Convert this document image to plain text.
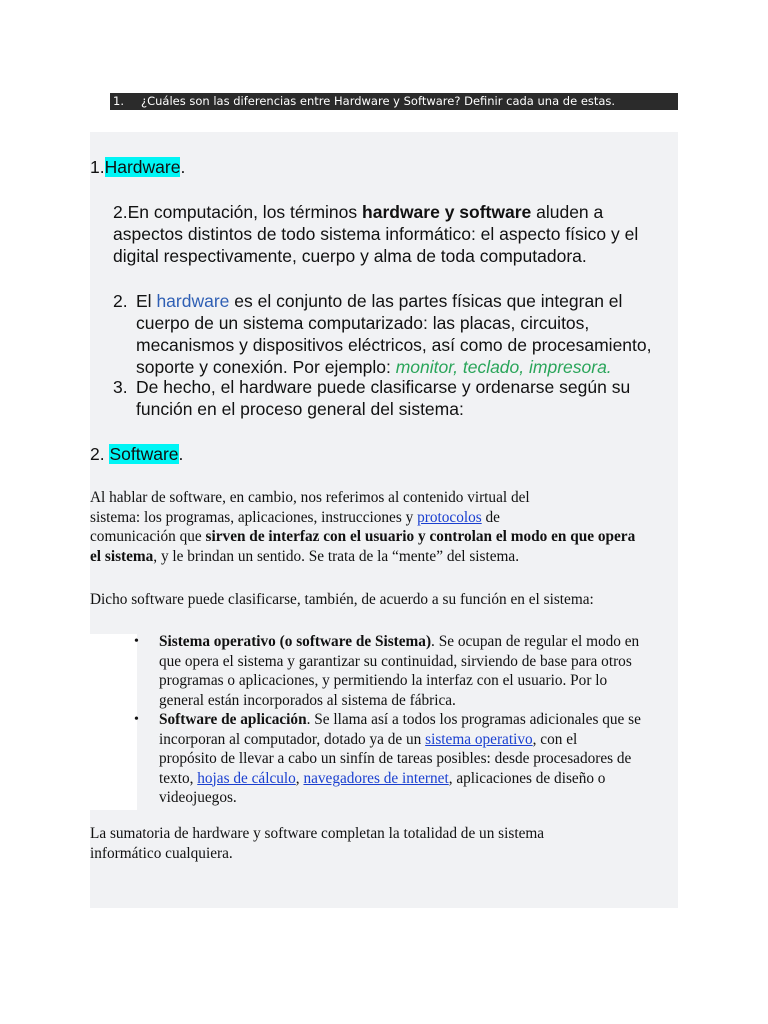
1. ¿Cuáles son las diferencias entre Hardware y Software? Definir cada una de estas.
1.Hardware.
2.En computación, los términos hardware y software aluden a
aspectos distintos de todo sistema informático: el aspecto físico y el
digital respectivamente, cuerpo y alma de toda computadora.
2. El hardware es el conjunto de las partes físicas que integran el
cuerpo de un sistema computarizado: las placas, circuitos,
mecanismos y dispositivos eléctricos, así como de procesamiento,
soporte y conexión. Por ejemplo: monitor, teclado, impresora.
3. De hecho, el hardware puede clasificarse y ordenarse según su
función en el proceso general del sistema:
2. Software.
Al hablar de software, en cambio, nos referimos al contenido virtual del
sistema: los programas, aplicaciones, instrucciones y protocolos de
comunicación que sirven de interfaz con el usuario y controlan el modo en que opera
el sistema, y le brindan un sentido. Se trata de la “mente” del sistema.
Dicho software puede clasificarse, también, de acuerdo a su función en el sistema:
• Sistema operativo (o software de Sistema). Se ocupan de regular el modo en
que opera el sistema y garantizar su continuidad, sirviendo de base para otros
programas o aplicaciones, y permitiendo la interfaz con el usuario. Por lo
general están incorporados al sistema de fábrica.
• Software de aplicación. Se llama así a todos los programas adicionales que se
incorporan al computador, dotado ya de un sistema operativo, con el
propósito de llevar a cabo un sinfín de tareas posibles: desde procesadores de
texto, hojas de cálculo, navegadores de internet, aplicaciones de diseño o
videojuegos.
La sumatoria de hardware y software completan la totalidad de un sistema
informático cualquiera.
